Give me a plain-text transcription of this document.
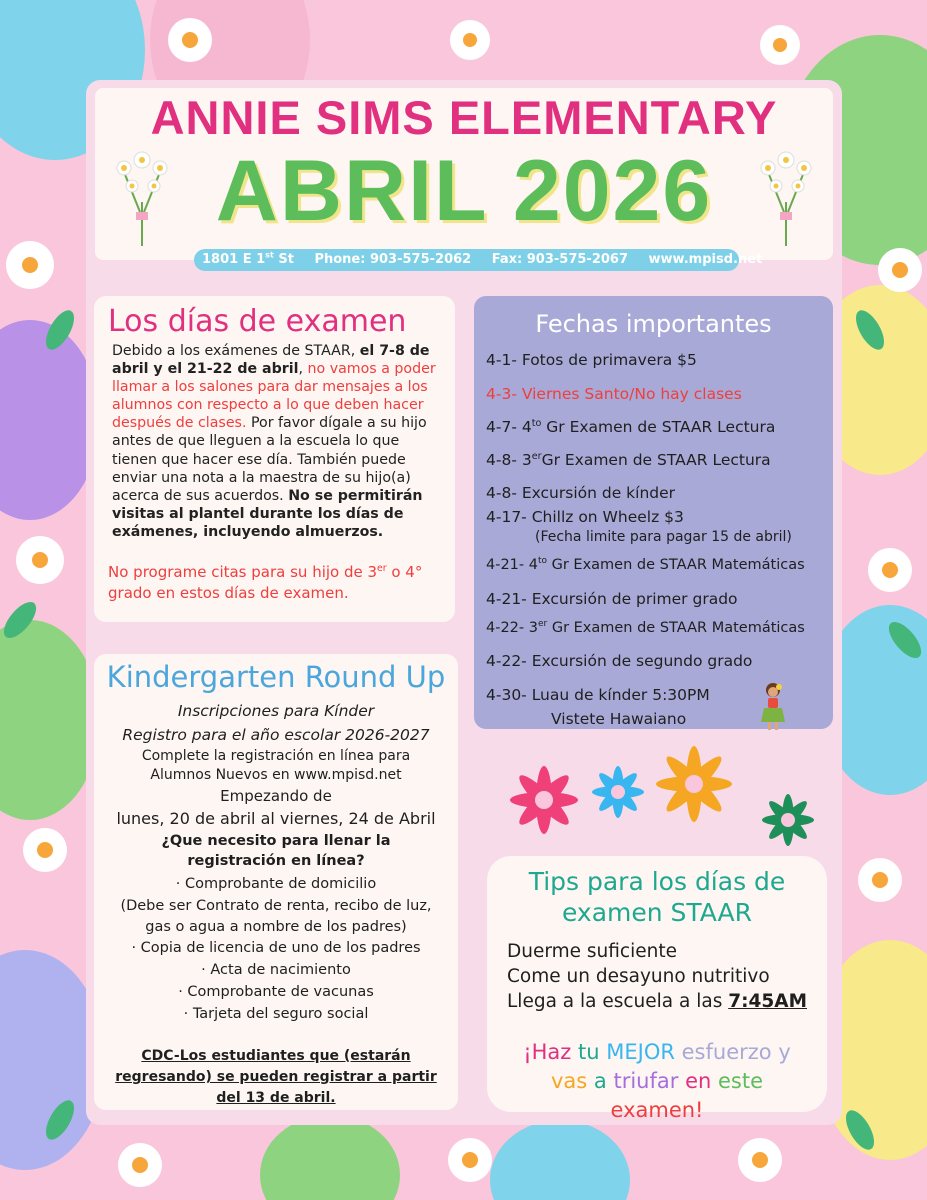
ANNIE SIMS ELEMENTARY
ABRIL 2026
1801 E 1st St Phone: 903-575-2062 Fax: 903-575-2067 www.mpisd.net
Los días de examen
Debido a los exámenes de STAAR, el 7-8 de abril y el 21-22 de abril, no vamos a poder llamar a los salones para dar mensajes a los alumnos con respecto a lo que deben hacer después de clases. Por favor dígale a su hijo antes de que lleguen a la escuela lo que tienen que hacer ese día. También puede enviar una nota a la maestra de su hijo(a) acerca de sus acuerdos. No se permitirán visitas al plantel durante los días de exámenes, incluyendo almuerzos.
No programe citas para su hijo de 3er o 4° grado en estos días de examen.
Fechas importantes
4-1- Fotos de primavera $5
4-3- Viernes Santo/No hay clases
4-7- $4^{to}$ Gr Examen de STAAR Lectura
4-8- 3erGr Examen de STAAR Lectura
4-8- Excursión de kínder
4-17- Chillz on Wheelz $3
(Fecha limite para pagar 15 de abril)
4-21- $4^{to}$ Gr Examen de STAAR Matemáticas
4-21- Excursión de primer grado
4-22- 3er Gr Examen de STAAR Matemáticas
4-22- Excursión de segundo grado
4-30- Luau de kínder 5:30PM
Vistete Hawaiano
Kindergarten Round Up
Inscripciones para Kínder
Registro para el año escolar 2026-2027
Complete la registración en línea para
Alumnos Nuevos en www.mpisd.net
Empezando de
lunes, 20 de abril al viernes, 24 de Abril
¿Que necesito para llenar la
registración en línea?
· Comprobante de domicilio
(Debe ser Contrato de renta, recibo de luz,
gas o agua a nombre de los padres)
· Copia de licencia de uno de los padres
· Acta de nacimiento
· Comprobante de vacunas
· Tarjeta del seguro social
CDC-Los estudiantes que (estarán
regresando) se pueden registrar a partir
del 13 de abril.
Tips para los días de
examen STAAR
Duerme suficiente
Come un desayuno nutritivo
Llega a la escuela a las 7:45AM
¡Haz tu MEJOR esfuerzo y
vas a triufar en este
examen!
